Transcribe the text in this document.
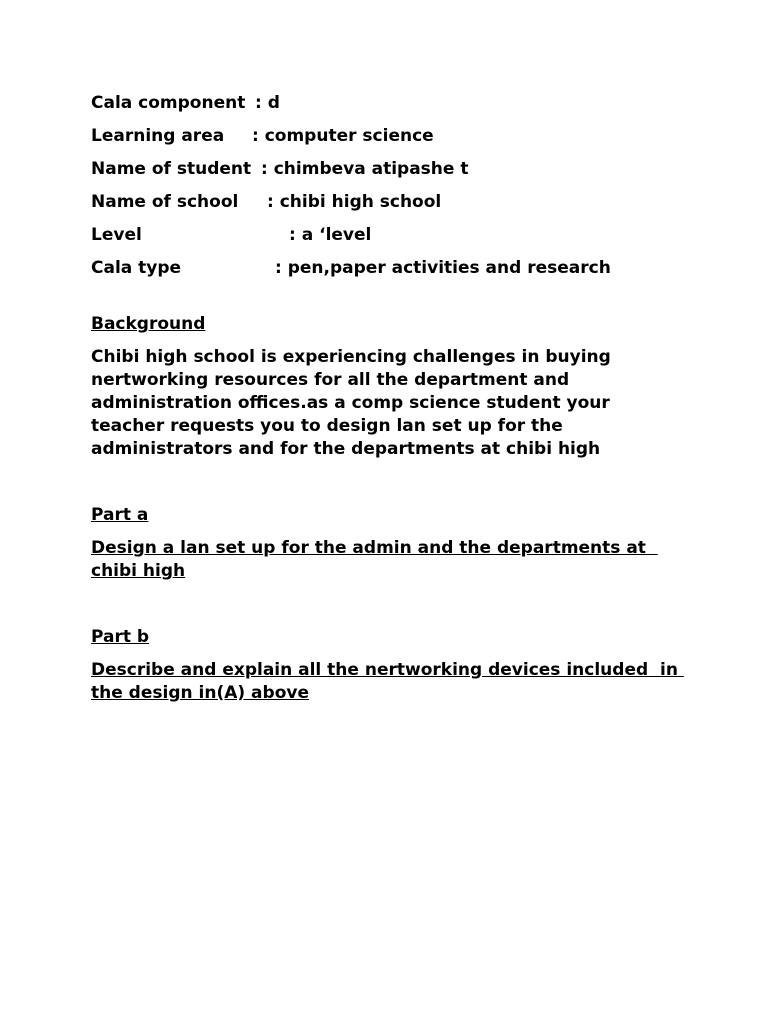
Cala component : d
Learning area : computer science
Name of student : chimbeva atipashe t
Name of school : chibi high school
Level	: a ‘level
Cala type	: pen,paper activities and research

Background

Chibi high school is experiencing challenges in buying nertworking resources for all the department and administration offices.as a comp science student your teacher requests you to design lan set up for the administrators and for the departments at chibi high

Part a

Design a lan set up for the admin and the departments at  chibi high

Part b

Describe and explain all the nertworking devices included  in the design in(A) above
